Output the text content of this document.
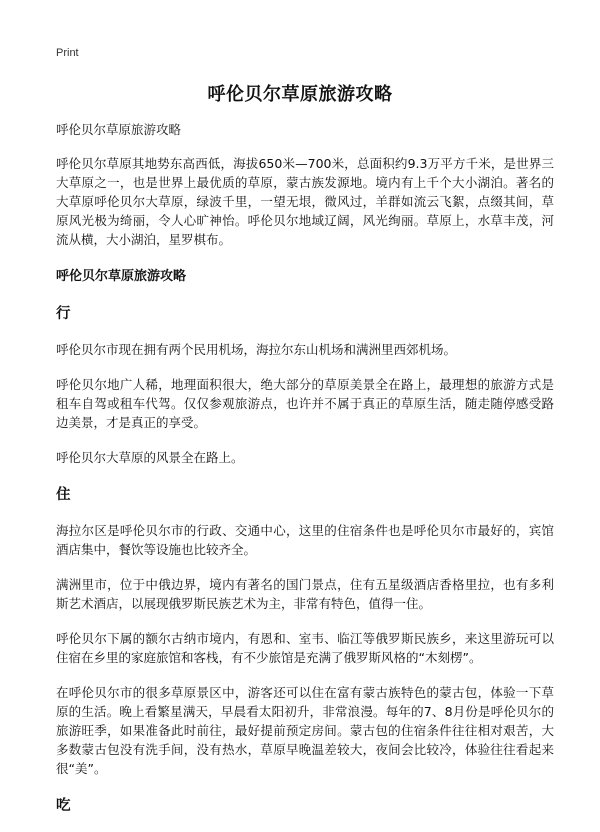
Print
呼伦贝尔草原旅游攻略

呼伦贝尔草原旅游攻略

呼伦贝尔草原其地势东高西低，海拔650米—700米，总面积约9.3万平方千米，是世界三大草原之一，也是世界上最优质的草原，蒙古族发源地。境内有上千个大小湖泊。著名的大草原呼伦贝尔大草原，绿波千里，一望无垠，微风过，羊群如流云飞絮，点缀其间，草原风光极为绮丽，令人心旷神怡。呼伦贝尔地域辽阔，风光绚丽。草原上，水草丰茂，河流从横，大小湖泊，星罗棋布。

呼伦贝尔草原旅游攻略
行

呼伦贝尔市现在拥有两个民用机场，海拉尔东山机场和满洲里西郊机场。

呼伦贝尔地广人稀，地理面积很大，绝大部分的草原美景全在路上，最理想的旅游方式是租车自驾或租车代驾。仅仅参观旅游点，也许并不属于真正的草原生活，随走随停感受路边美景，才是真正的享受。

呼伦贝尔大草原的风景全在路上。

住

海拉尔区是呼伦贝尔市的行政、交通中心，这里的住宿条件也是呼伦贝尔市最好的，宾馆酒店集中，餐饮等设施也比较齐全。

满洲里市，位于中俄边界，境内有著名的国门景点，住有五星级酒店香格里拉，也有多利斯艺术酒店，以展现俄罗斯民族艺术为主，非常有特色，值得一住。

呼伦贝尔下属的额尔古纳市境内，有恩和、室韦、临江等俄罗斯民族乡，来这里游玩可以住宿在乡里的家庭旅馆和客栈，有不少旅馆是充满了俄罗斯风格的“木刻楞”。

在呼伦贝尔市的很多草原景区中，游客还可以住在富有蒙古族特色的蒙古包，体验一下草原的生活。晚上看繁星满天，早晨看太阳初升，非常浪漫。每年的7、8月份是呼伦贝尔的旅游旺季，如果准备此时前往，最好提前预定房间。蒙古包的住宿条件往往相对艰苦，大多数蒙古包没有洗手间，没有热水，草原早晚温差较大，夜间会比较冷，体验往往看起来很“美”。

吃
